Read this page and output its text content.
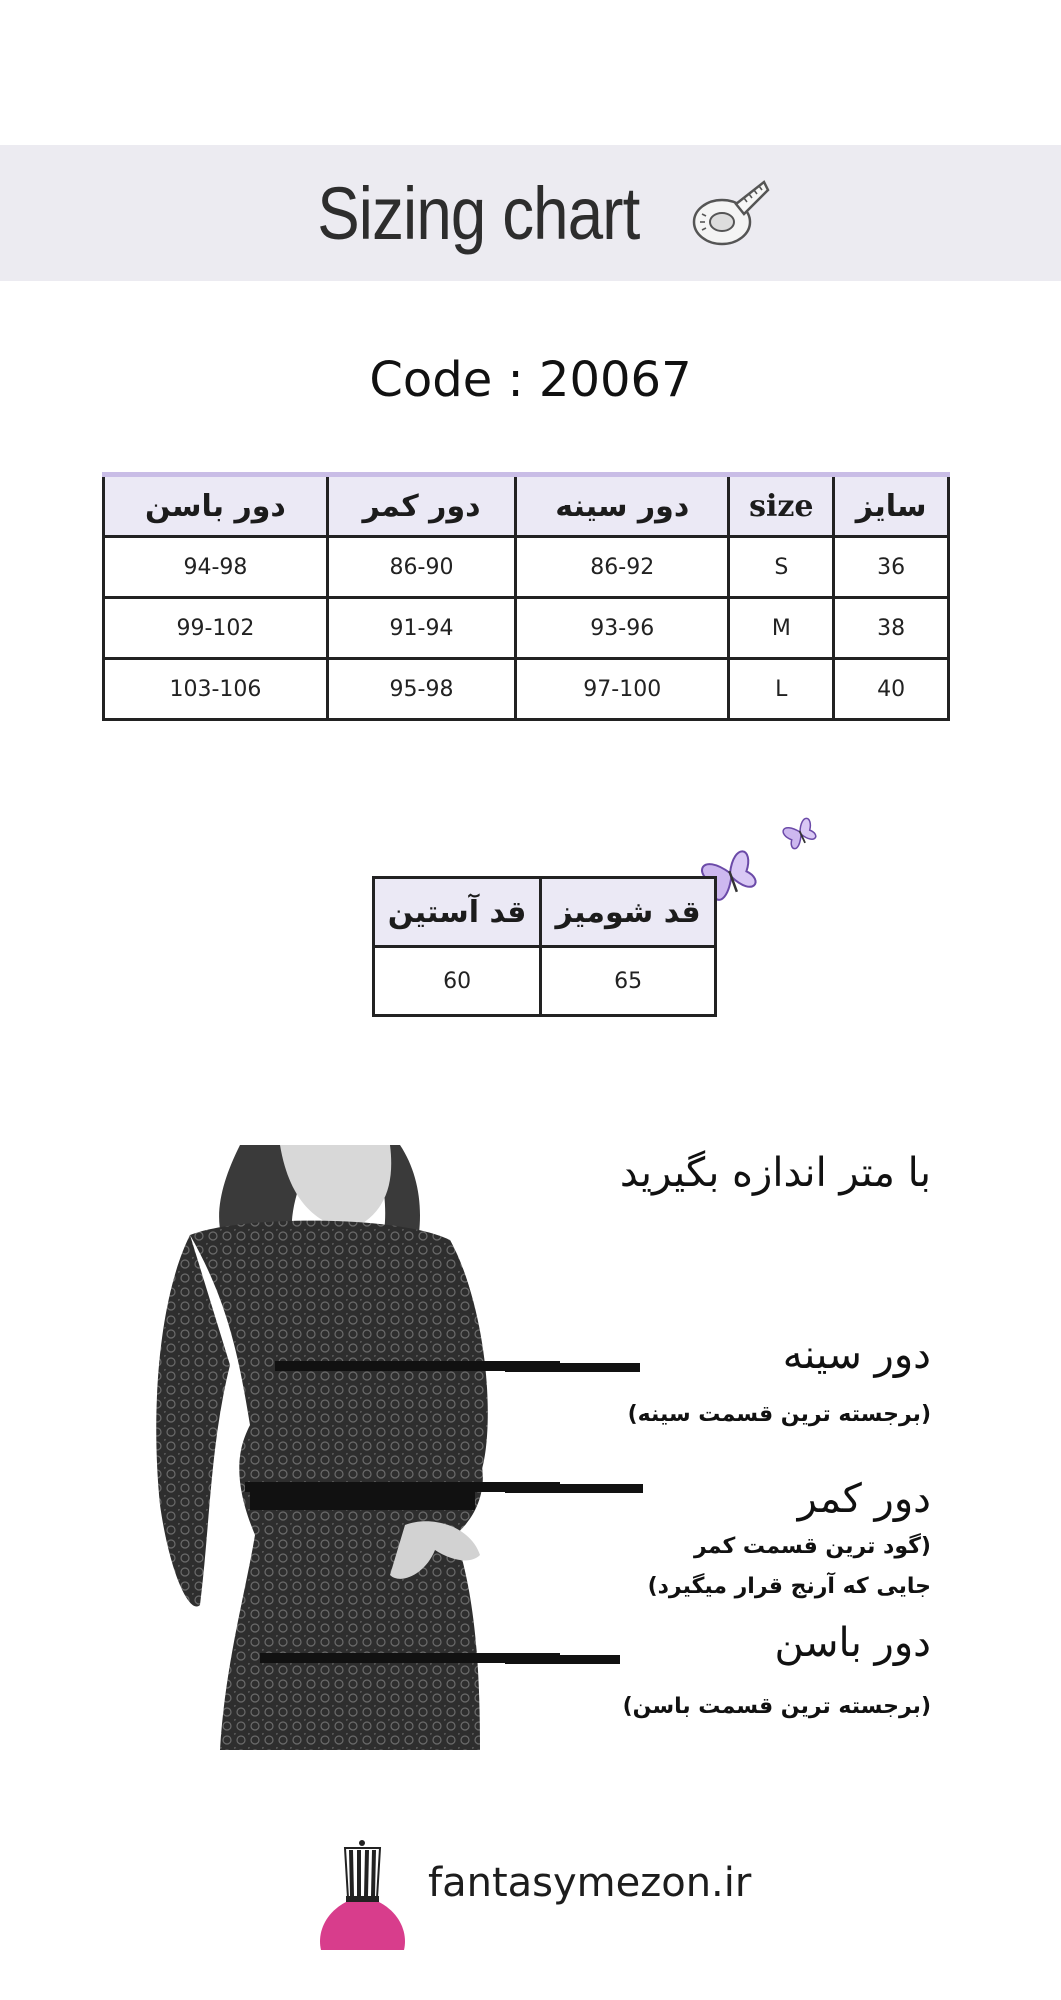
Sizing chart
Code : 20067
سایز	size	دور سینه	دور کمر	دور باسن
36	S	86-92	86-90	94-98
38	M	93-96	91-94	99-102
40	L	97-100	95-98	103-106
قد شومیز	قد آستین
65	60
با متر اندازه بگیرید
دور سینه
(برجسته ترین قسمت سینه)
دور کمر
(گود ترین قسمت کمر
جایی که آرنج قرار میگیرد)
دور باسن
(برجسته ترین قسمت باسن)
fantasymezon.ir
